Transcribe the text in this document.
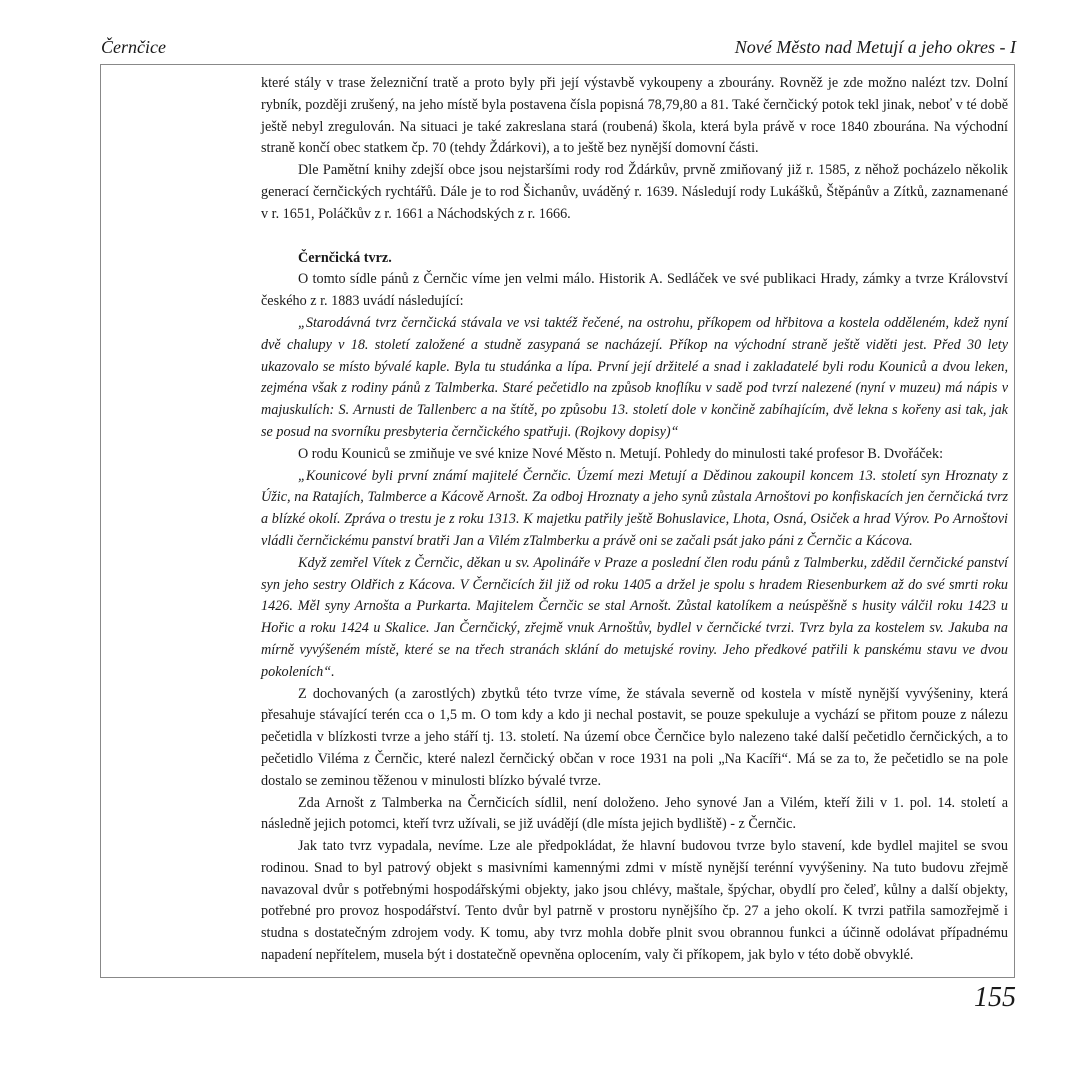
Černčice	Nové Město nad Metují a jeho okres - I

které stály v trase železniční tratě a proto byly při její výstavbě vykoupeny a zbourány. Rovněž je zde možno nalézt tzv. Dolní rybník, později zrušený, na jeho místě byla postavena čísla popisná 78,79,80 a 81. Také černčický potok tekl jinak, neboť v té době ještě nebyl zregulován. Na situaci je také zakreslana stará (roubená) škola, která byla právě v roce 1840 zbourána. Na východní straně končí obec statkem čp. 70 (tehdy Ždárkovi), a to ještě bez nynější domovní části.

Dle Pamětní knihy zdejší obce jsou nejstaršími rody rod Ždárkův, prvně zmiňovaný již r. 1585, z něhož pocházelo několik generací černčických rychtářů. Dále je to rod Šichanův, uváděný r. 1639. Následují rody Lukášků, Štěpánův a Zítků, zaznamenané v r. 1651, Poláčkův z r. 1661 a Náchodských z r. 1666.

Černčická tvrz.

O tomto sídle pánů z Černčic víme jen velmi málo. Historik A. Sedláček ve své publikaci Hrady, zámky a tvrze Království českého z r. 1883 uvádí následující:

„Starodávná tvrz černčická stávala ve vsi taktéž řečené, na ostrohu, příkopem od hřbitova a kostela odděleném, kdež nyní dvě chalupy v 18. století založené a studně zasypaná se nacházejí. Příkop na východní straně ještě viděti jest. Před 30 lety ukazovalo se místo bývalé kaple. Byla tu studánka a lípa. První její držitelé a snad i zakladatelé byli rodu Kouniců a dvou leken, zejména však z rodiny pánů z Talmberka. Staré pečetidlo na způsob knoflíku v sadě pod tvrzí nalezené (nyní v muzeu) má nápis v majuskulích: S. Arnusti de Tallenberc a na štítě, po způsobu 13. století dole v končině zabíhajícím, dvě lekna s kořeny asi tak, jak se posud na svorníku presbyteria černčického spatřuji. (Rojkovy dopisy)“

O rodu Kouniců se zmiňuje ve své knize Nové Město n. Metují. Pohledy do minulosti také profesor B. Dvořáček:

„Kounicové byli první známí majitelé Černčic. Území mezi Metují a Dědinou zakoupil koncem 13. století syn Hroznaty z Úžic, na Ratajích, Talmberce a Kácově Arnošt. Za odboj Hroznaty a jeho synů zůstala Arnoštovi po konfiskacích jen černčická tvrz a blízké okolí. Zpráva o trestu je z roku 1313. K majetku patřily ještě Bohuslavice, Lhota, Osná, Osiček a hrad Výrov. Po Arnoštovi vládli černčickému panství bratři Jan a Vilém zTalmberku a právě oni se začali psát jako páni z Černčic a Kácova.

Když zemřel Vítek z Černčic, děkan u sv. Apolináře v Praze a poslední člen rodu pánů z Talmberku, zdědil černčické panství syn jeho sestry Oldřich z Kácova. V Černčicích žil již od roku 1405 a držel je spolu s hradem Riesenburkem až do své smrti roku 1426. Měl syny Arnošta a Purkarta. Majitelem Černčic se stal Arnošt. Zůstal katolíkem a neúspěšně s husity válčil roku 1423 u Hořic a roku 1424 u Skalice. Jan Černčický, zřejmě vnuk Arnoštův, bydlel v černčické tvrzi. Tvrz byla za kostelem sv. Jakuba na mírně vyvýšeném místě, které se na třech stranách sklání do metujské roviny. Jeho předkové patřili k panskému stavu ve dvou pokoleních“.

Z dochovaných (a zarostlých) zbytků této tvrze víme, že stávala severně od kostela v místě nynější vyvýšeniny, která přesahuje stávající terén cca o 1,5 m. O tom kdy a kdo ji nechal postavit, se pouze spekuluje a vychází se přitom pouze z nálezu pečetidla v blízkosti tvrze a jeho stáří tj. 13. století. Na území obce Černčice bylo nalezeno také další pečetidlo černčických, a to pečetidlo Viléma z Černčic, které nalezl černčický občan v roce 1931 na poli „Na Kacíři“. Má se za to, že pečetidlo se na pole dostalo se zeminou těženou v minulosti blízko bývalé tvrze.

Zda Arnošt z Talmberka na Černčicích sídlil, není doloženo. Jeho synové Jan a Vilém, kteří žili v 1. pol. 14. století a následně jejich potomci, kteří tvrz užívali, se již uvádějí (dle místa jejich bydliště) - z Černčic.

Jak tato tvrz vypadala, nevíme. Lze ale předpokládat, že hlavní budovou tvrze bylo stavení, kde bydlel majitel se svou rodinou. Snad to byl patrový objekt s masivními kamennými zdmi v místě nynější terénní vyvýšeniny. Na tuto budovu zřejmě navazoval dvůr s potřebnými hospodářskými objekty, jako jsou chlévy, maštale, špýchar, obydlí pro čeleď, kůlny a další objekty, potřebné pro provoz hospodářství. Tento dvůr byl patrně v prostoru nynějšího čp. 27 a jeho okolí. K tvrzi patřila samozřejmě i studna s dostatečným zdrojem vody. K tomu, aby tvrz mohla dobře plnit svou obrannou funkci a účinně odolávat případnému napadení nepřítelem, musela být i dostatečně opevněna oplocením, valy či příkopem, jak bylo v této době obvyklé.

155
